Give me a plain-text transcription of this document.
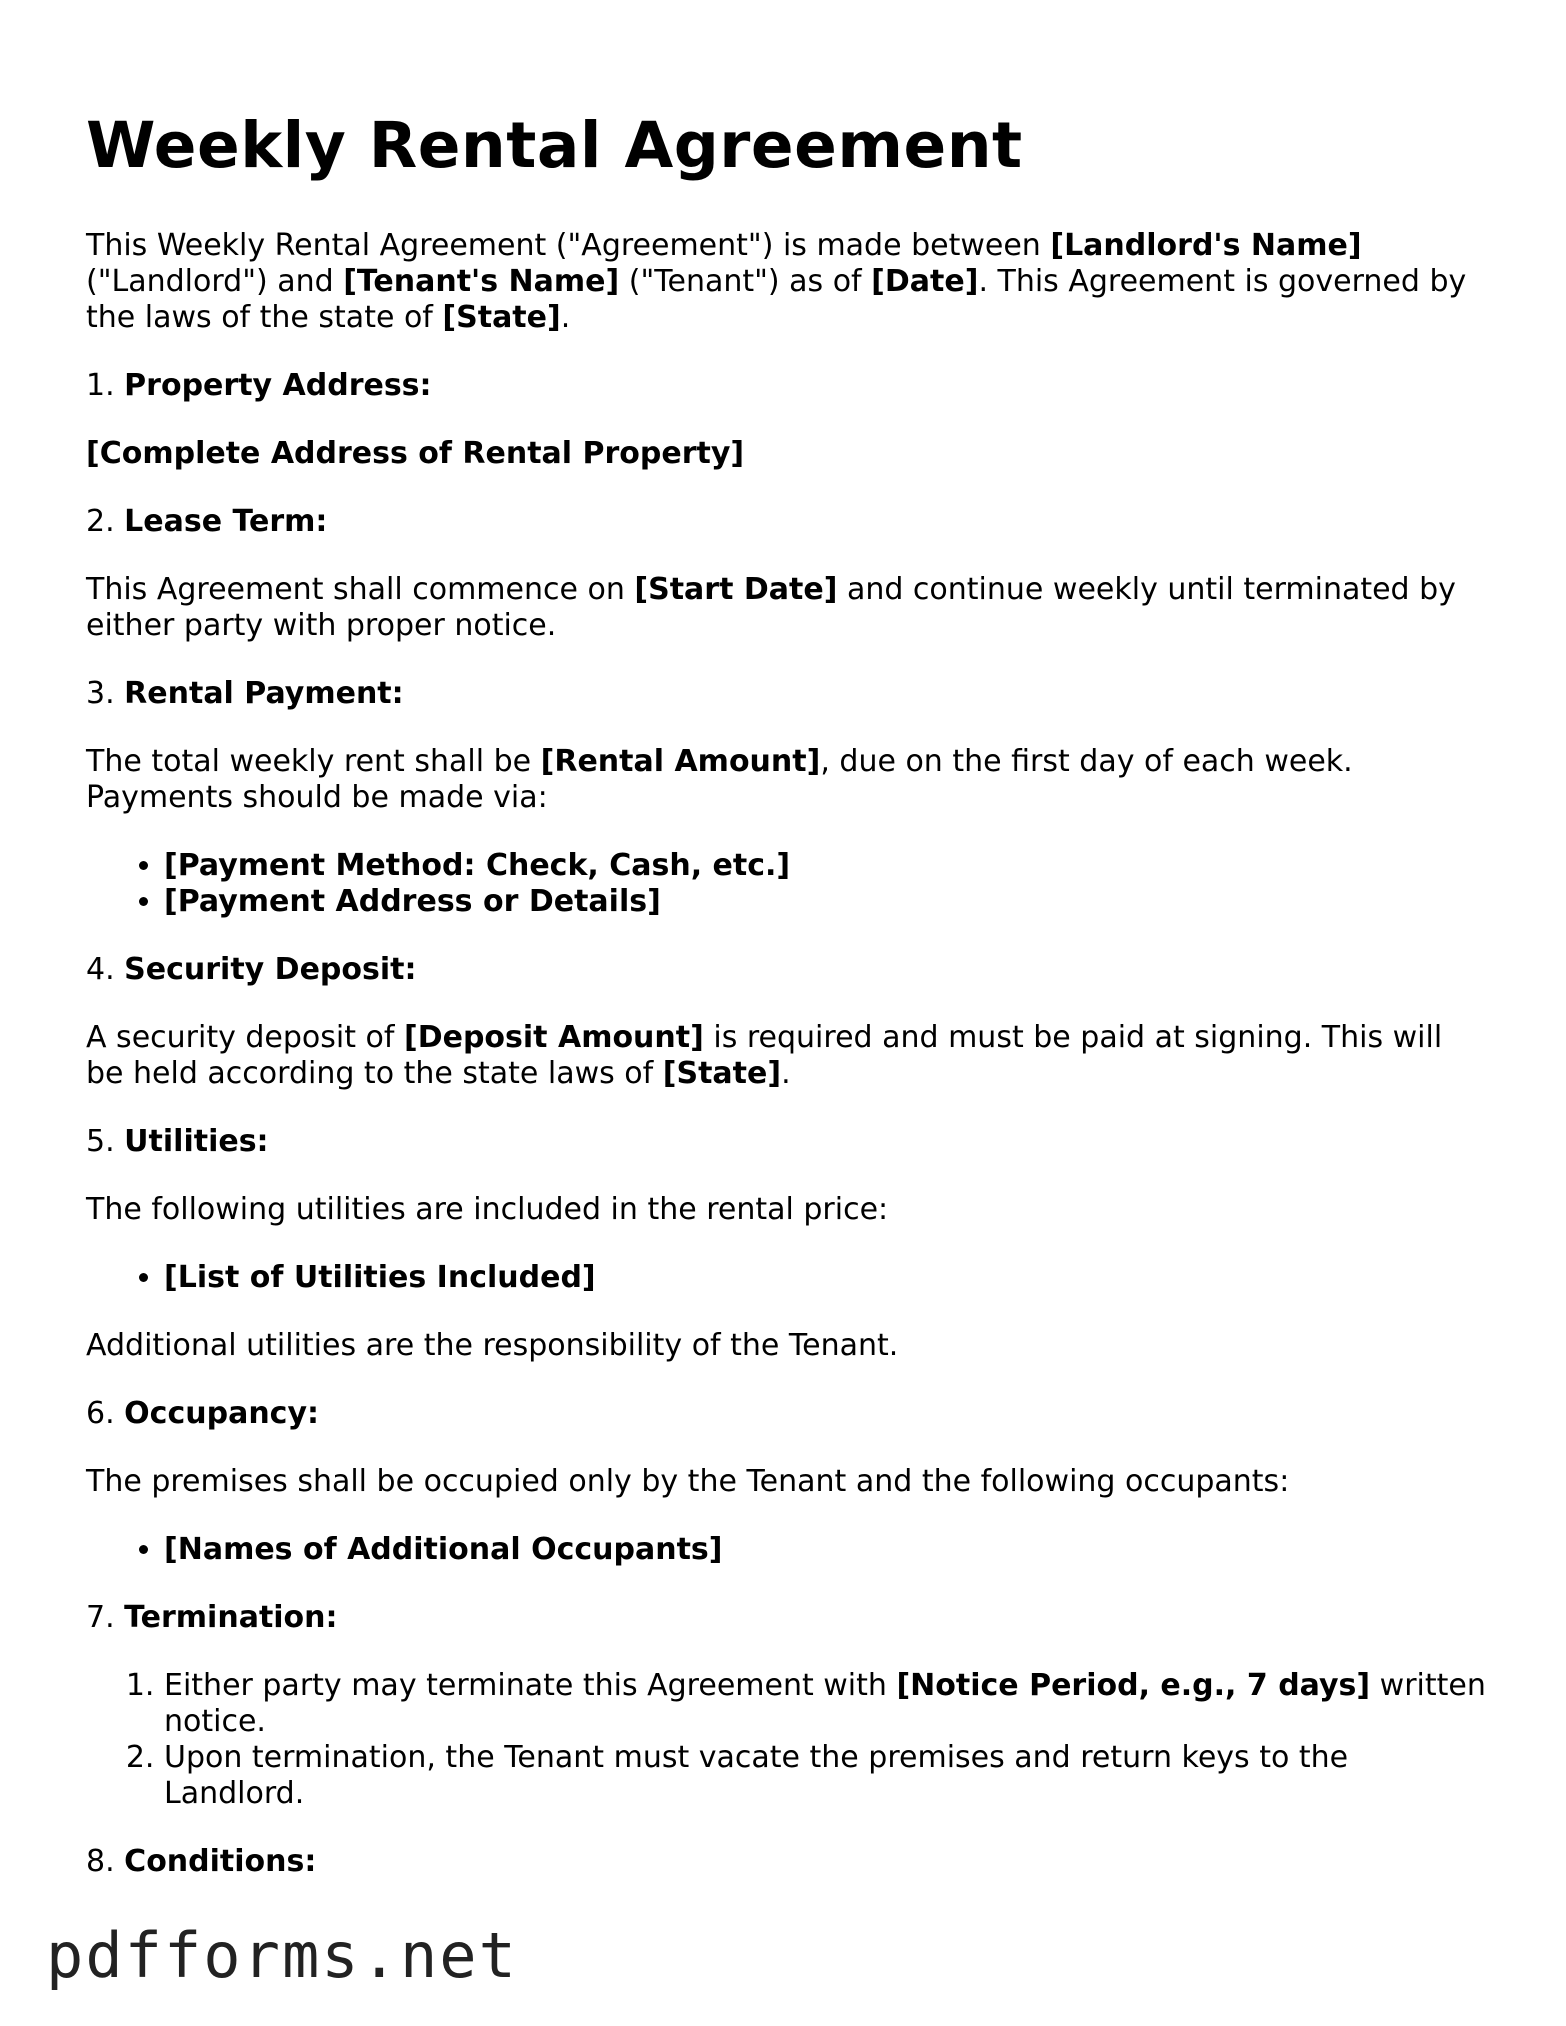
Weekly Rental Agreement

This Weekly Rental Agreement ("Agreement") is made between [Landlord's Name] ("Landlord") and [Tenant's Name] ("Tenant") as of [Date]. This Agreement is governed by the laws of the state of [State].

1. Property Address:

[Complete Address of Rental Property]

2. Lease Term:

This Agreement shall commence on [Start Date] and continue weekly until terminated by either party with proper notice.

3. Rental Payment:

The total weekly rent shall be [Rental Amount], due on the first day of each week. Payments should be made via:

• [Payment Method: Check, Cash, etc.]
• [Payment Address or Details]
4. Security Deposit:

A security deposit of [Deposit Amount] is required and must be paid at signing. This will be held according to the state laws of [State].

5. Utilities:

The following utilities are included in the rental price:

• [List of Utilities Included]

Additional utilities are the responsibility of the Tenant.

6. Occupancy:

The premises shall be occupied only by the Tenant and the following occupants:

• [Names of Additional Occupants]
7. Termination:
1. Either party may terminate this Agreement with [Notice Period, e.g., 7 days] written notice.
2. Upon termination, the Tenant must vacate the premises and return keys to the Landlord.
8. Conditions:
pdfforms.net
